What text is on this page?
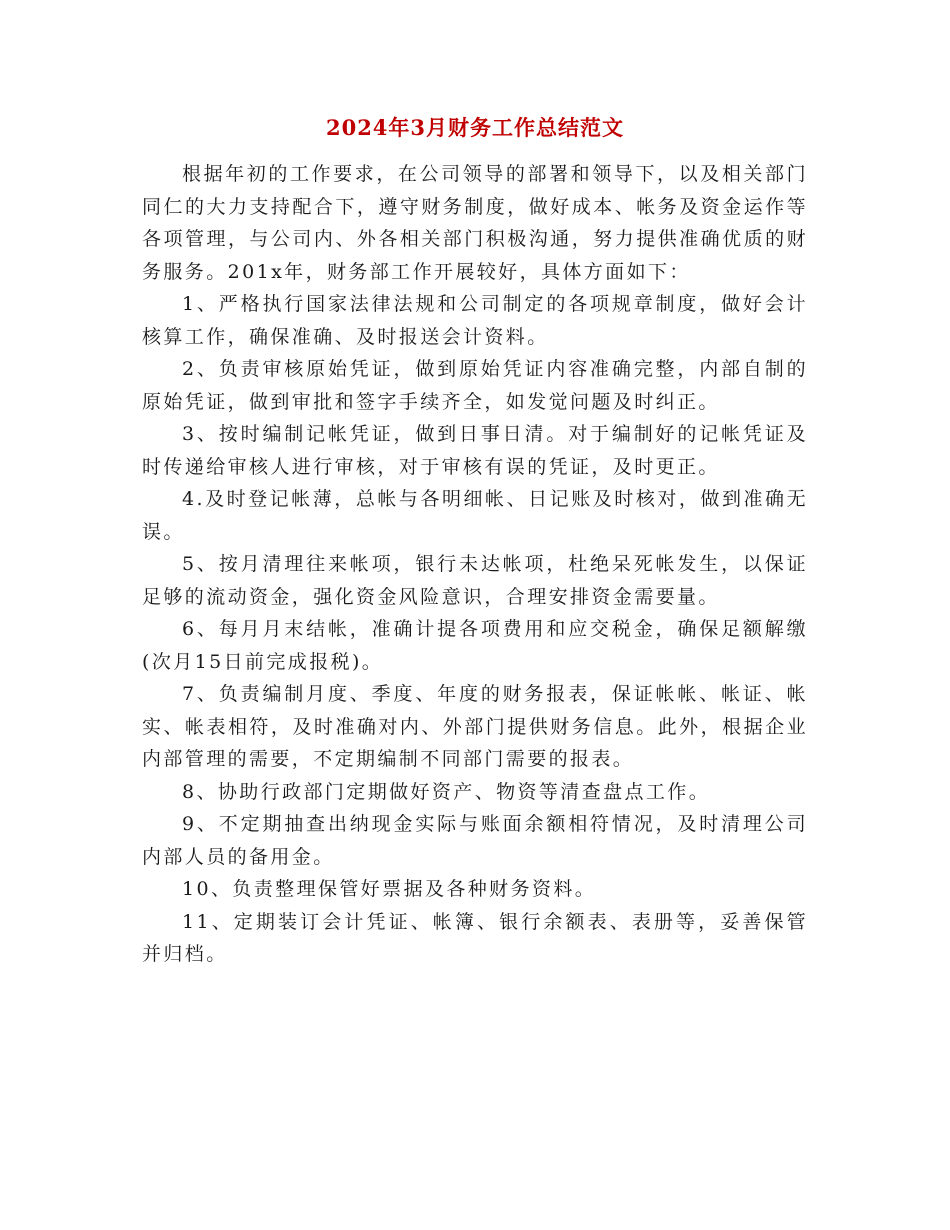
2024年3月财务工作总结范文

根据年初的工作要求，在公司领导的部署和领导下，以及相关部门同仁的大力支持配合下，遵守财务制度，做好成本、帐务及资金运作等各项管理，与公司内、外各相关部门积极沟通，努力提供准确优质的财务服务。201x年，财务部工作开展较好，具体方面如下：

1、严格执行国家法律法规和公司制定的各项规章制度，做好会计核算工作，确保准确、及时报送会计资料。

2、负责审核原始凭证，做到原始凭证内容准确完整，内部自制的原始凭证，做到审批和签字手续齐全，如发觉问题及时纠正。

3、按时编制记帐凭证，做到日事日清。对于编制好的记帐凭证及时传递给审核人进行审核，对于审核有误的凭证，及时更正。

4.及时登记帐薄，总帐与各明细帐、日记账及时核对，做到准确无误。

5、按月清理往来帐项，银行未达帐项，杜绝呆死帐发生，以保证足够的流动资金，强化资金风险意识，合理安排资金需要量。

6、每月月末结帐，准确计提各项费用和应交税金，确保足额解缴(次月15日前完成报税)。

7、负责编制月度、季度、年度的财务报表，保证帐帐、帐证、帐实、帐表相符，及时准确对内、外部门提供财务信息。此外，根据企业内部管理的需要，不定期编制不同部门需要的报表。

8、协助行政部门定期做好资产、物资等清查盘点工作。

9、不定期抽查出纳现金实际与账面余额相符情况，及时清理公司内部人员的备用金。

10、负责整理保管好票据及各种财务资料。

11、定期装订会计凭证、帐簿、银行余额表、表册等，妥善保管并归档。
